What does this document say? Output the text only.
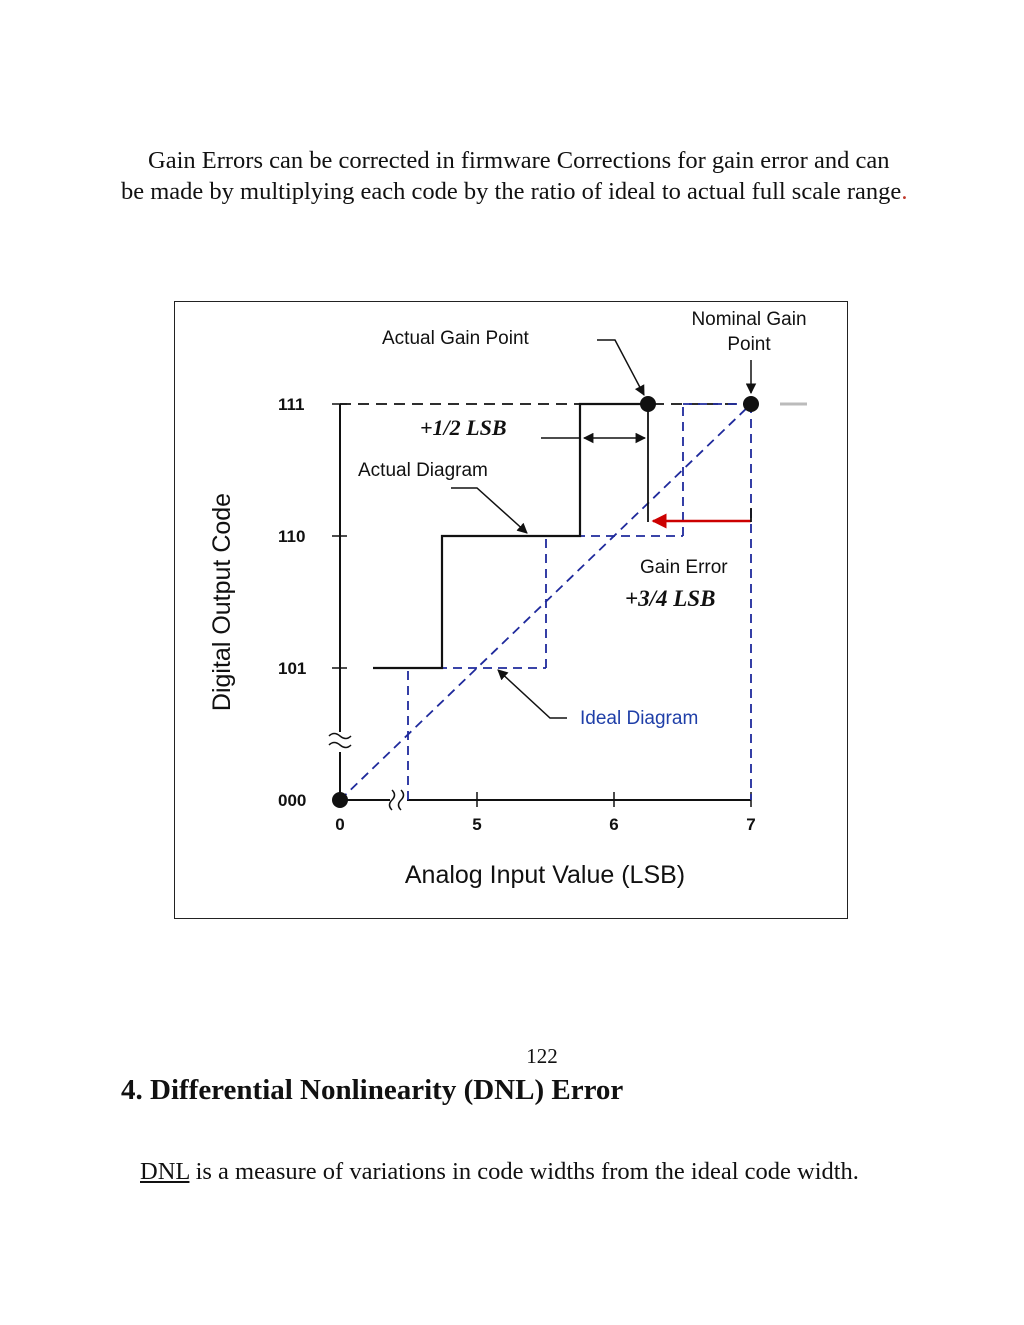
Gain Errors can be corrected in firmware Corrections for gain error and can be made by multiplying each code by the ratio of ideal to actual full scale range.

111
110
101
000
0	5	6	7
+1/2 LSB
Actual Gain Point
Nominal Gain
Point
Actual Diagram
Gain Error
+3/4 LSB
Ideal Diagram
Analog Input Value (LSB)
Digital Output Code
122
4. Differential Nonlinearity (DNL) Error

DNL is a measure of variations in code widths from the ideal code width.
